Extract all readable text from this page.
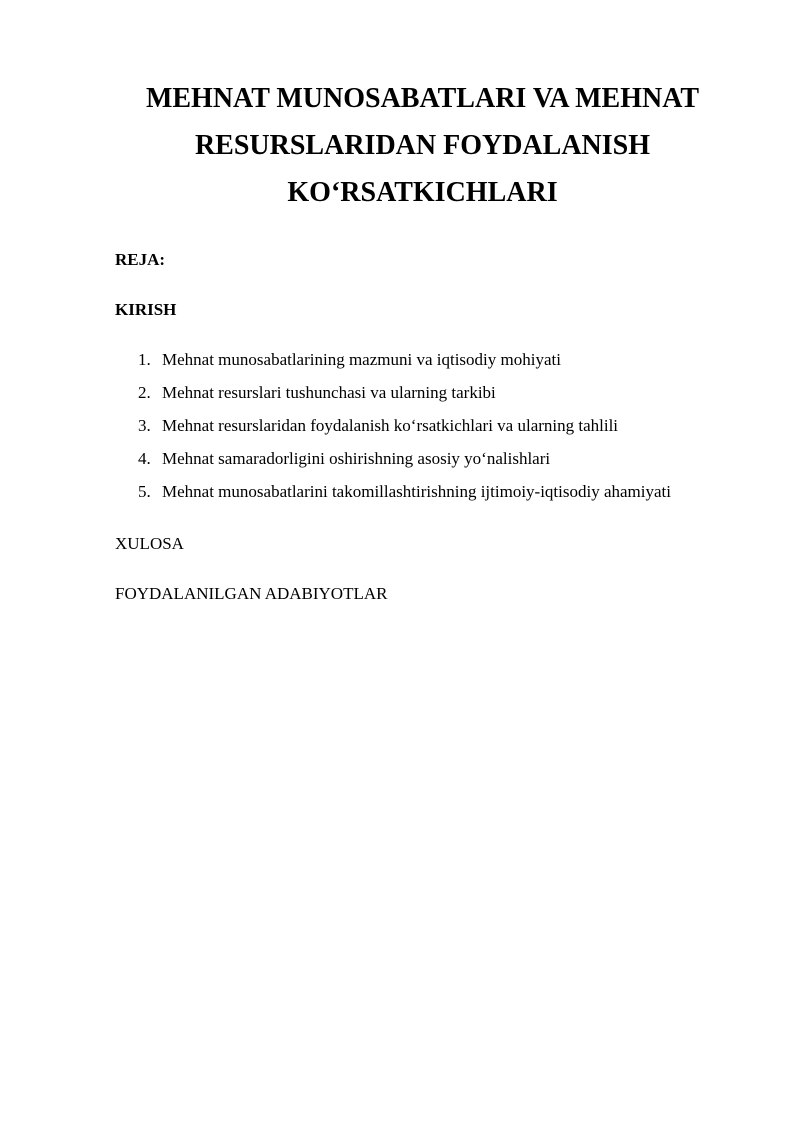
MEHNAT MUNOSABATLARI VA MEHNAT
RESURSLARIDAN FOYDALANISH
KO‘RSATKICHLARI
REJA:
KIRISH
1. Mehnat munosabatlarining mazmuni va iqtisodiy mohiyati
2. Mehnat resurslari tushunchasi va ularning tarkibi
3. Mehnat resurslaridan foydalanish ko‘rsatkichlari va ularning tahlili
4. Mehnat samaradorligini oshirishning asosiy yo‘nalishlari
5. Mehnat munosabatlarini takomillashtirishning ijtimoiy-iqtisodiy ahamiyati
XULOSA
FOYDALANILGAN ADABIYOTLAR
